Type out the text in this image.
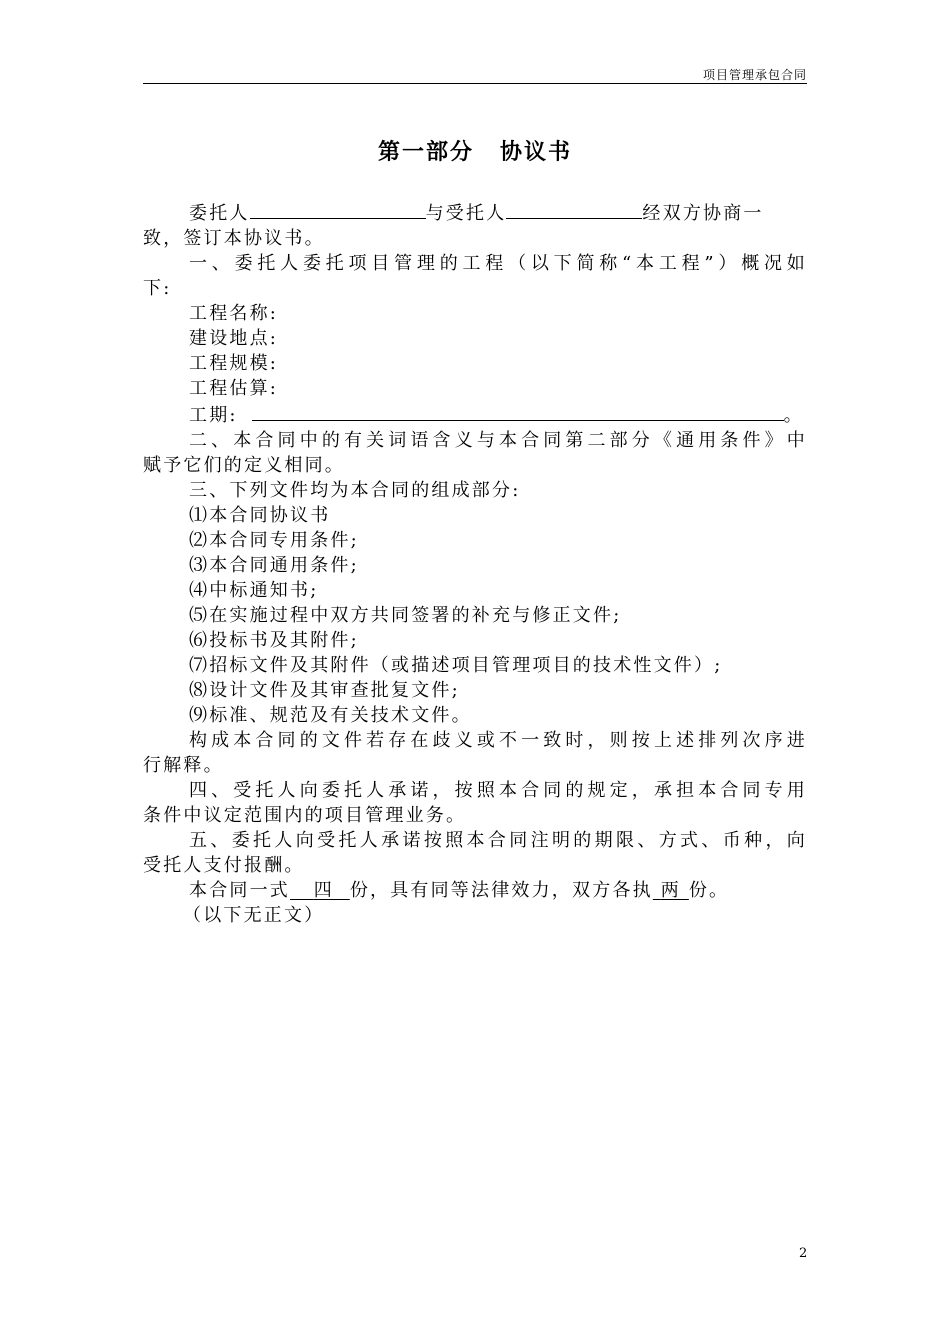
项目管理承包合同
第一部分 协议书

委托人	与受托人	经双方协商一

致，签订本协议书。

一、委托人委托项目管理的工程（以下简称“本工程”）概况如

下:

工程名称:

建设地点:

工程规模:

工程估算:

工期:	。

二、本合同中的有关词语含义与本合同第二部分《通用条件》中

赋予它们的定义相同。

三、下列文件均为本合同的组成部分:

⑴本合同协议书

⑵本合同专用条件;

⑶本合同通用条件;

⑷中标通知书;

⑸在实施过程中双方共同签署的补充与修正文件;

⑹投标书及其附件;

⑺招标文件及其附件（或描述项目管理项目的技术性文件）;

⑻设计文件及其审查批复文件;

⑼标准、规范及有关技术文件。

构成本合同的文件若存在歧义或不一致时，则按上述排列次序进

行解释。

四、受托人向委托人承诺，按照本合同的规定，承担本合同专用

条件中议定范围内的项目管理业务。

五、委托人向受托人承诺按照本合同注明的期限、方式、币种，向

受托人支付报酬。

本合同一式 四 份，具有同等法律效力，双方各执 两 份。

（以下无正文）

2
